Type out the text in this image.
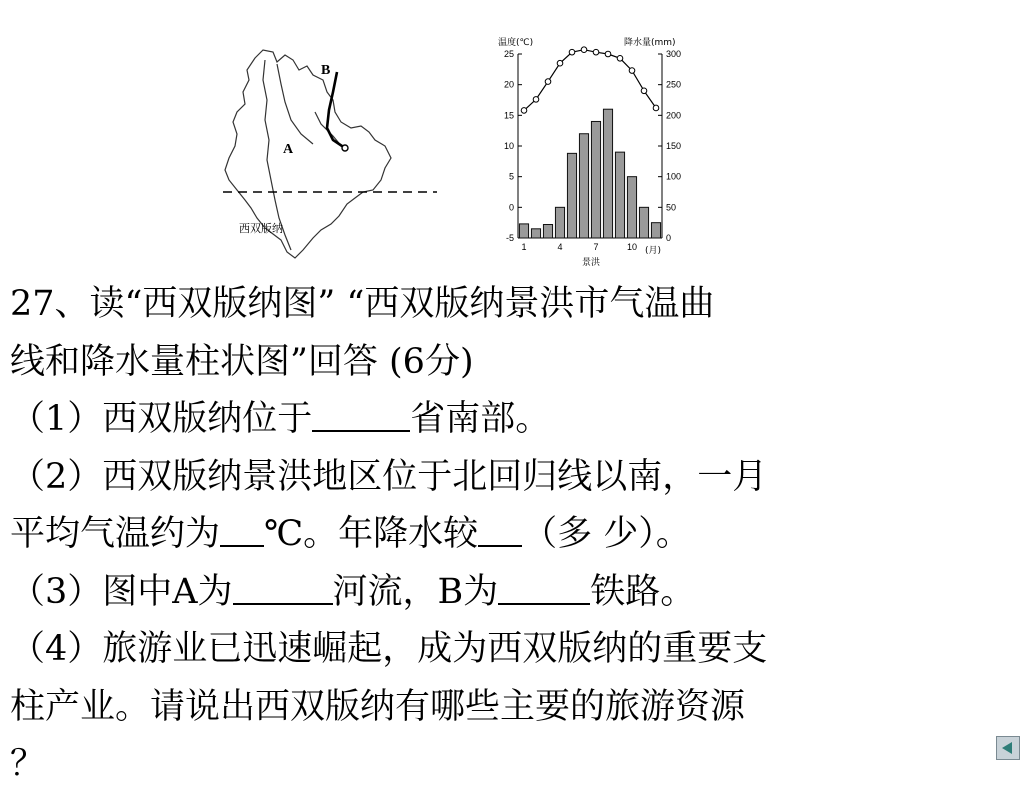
B
A
西双版纳
温度(℃)	降水量(mm)
25
20
15
10
5
0
-5
300
250
200
150
100
50
0
1	4	7	10 (月)
景洪
27、读“西双版纳图” “西双版纳景洪市气温曲
线和降水量柱状图”回答 (6分)
（1）西双版纳位于	省南部。
（2）西双版纳景洪地区位于北回归线以南，一月
平均气温约为 ℃。年降水较 （多 少）。
（3）图中A为	河流，B为	铁路。
（4）旅游业已迅速崛起，成为西双版纳的重要支
柱产业。请说出西双版纳有哪些主要的旅游资源
？
